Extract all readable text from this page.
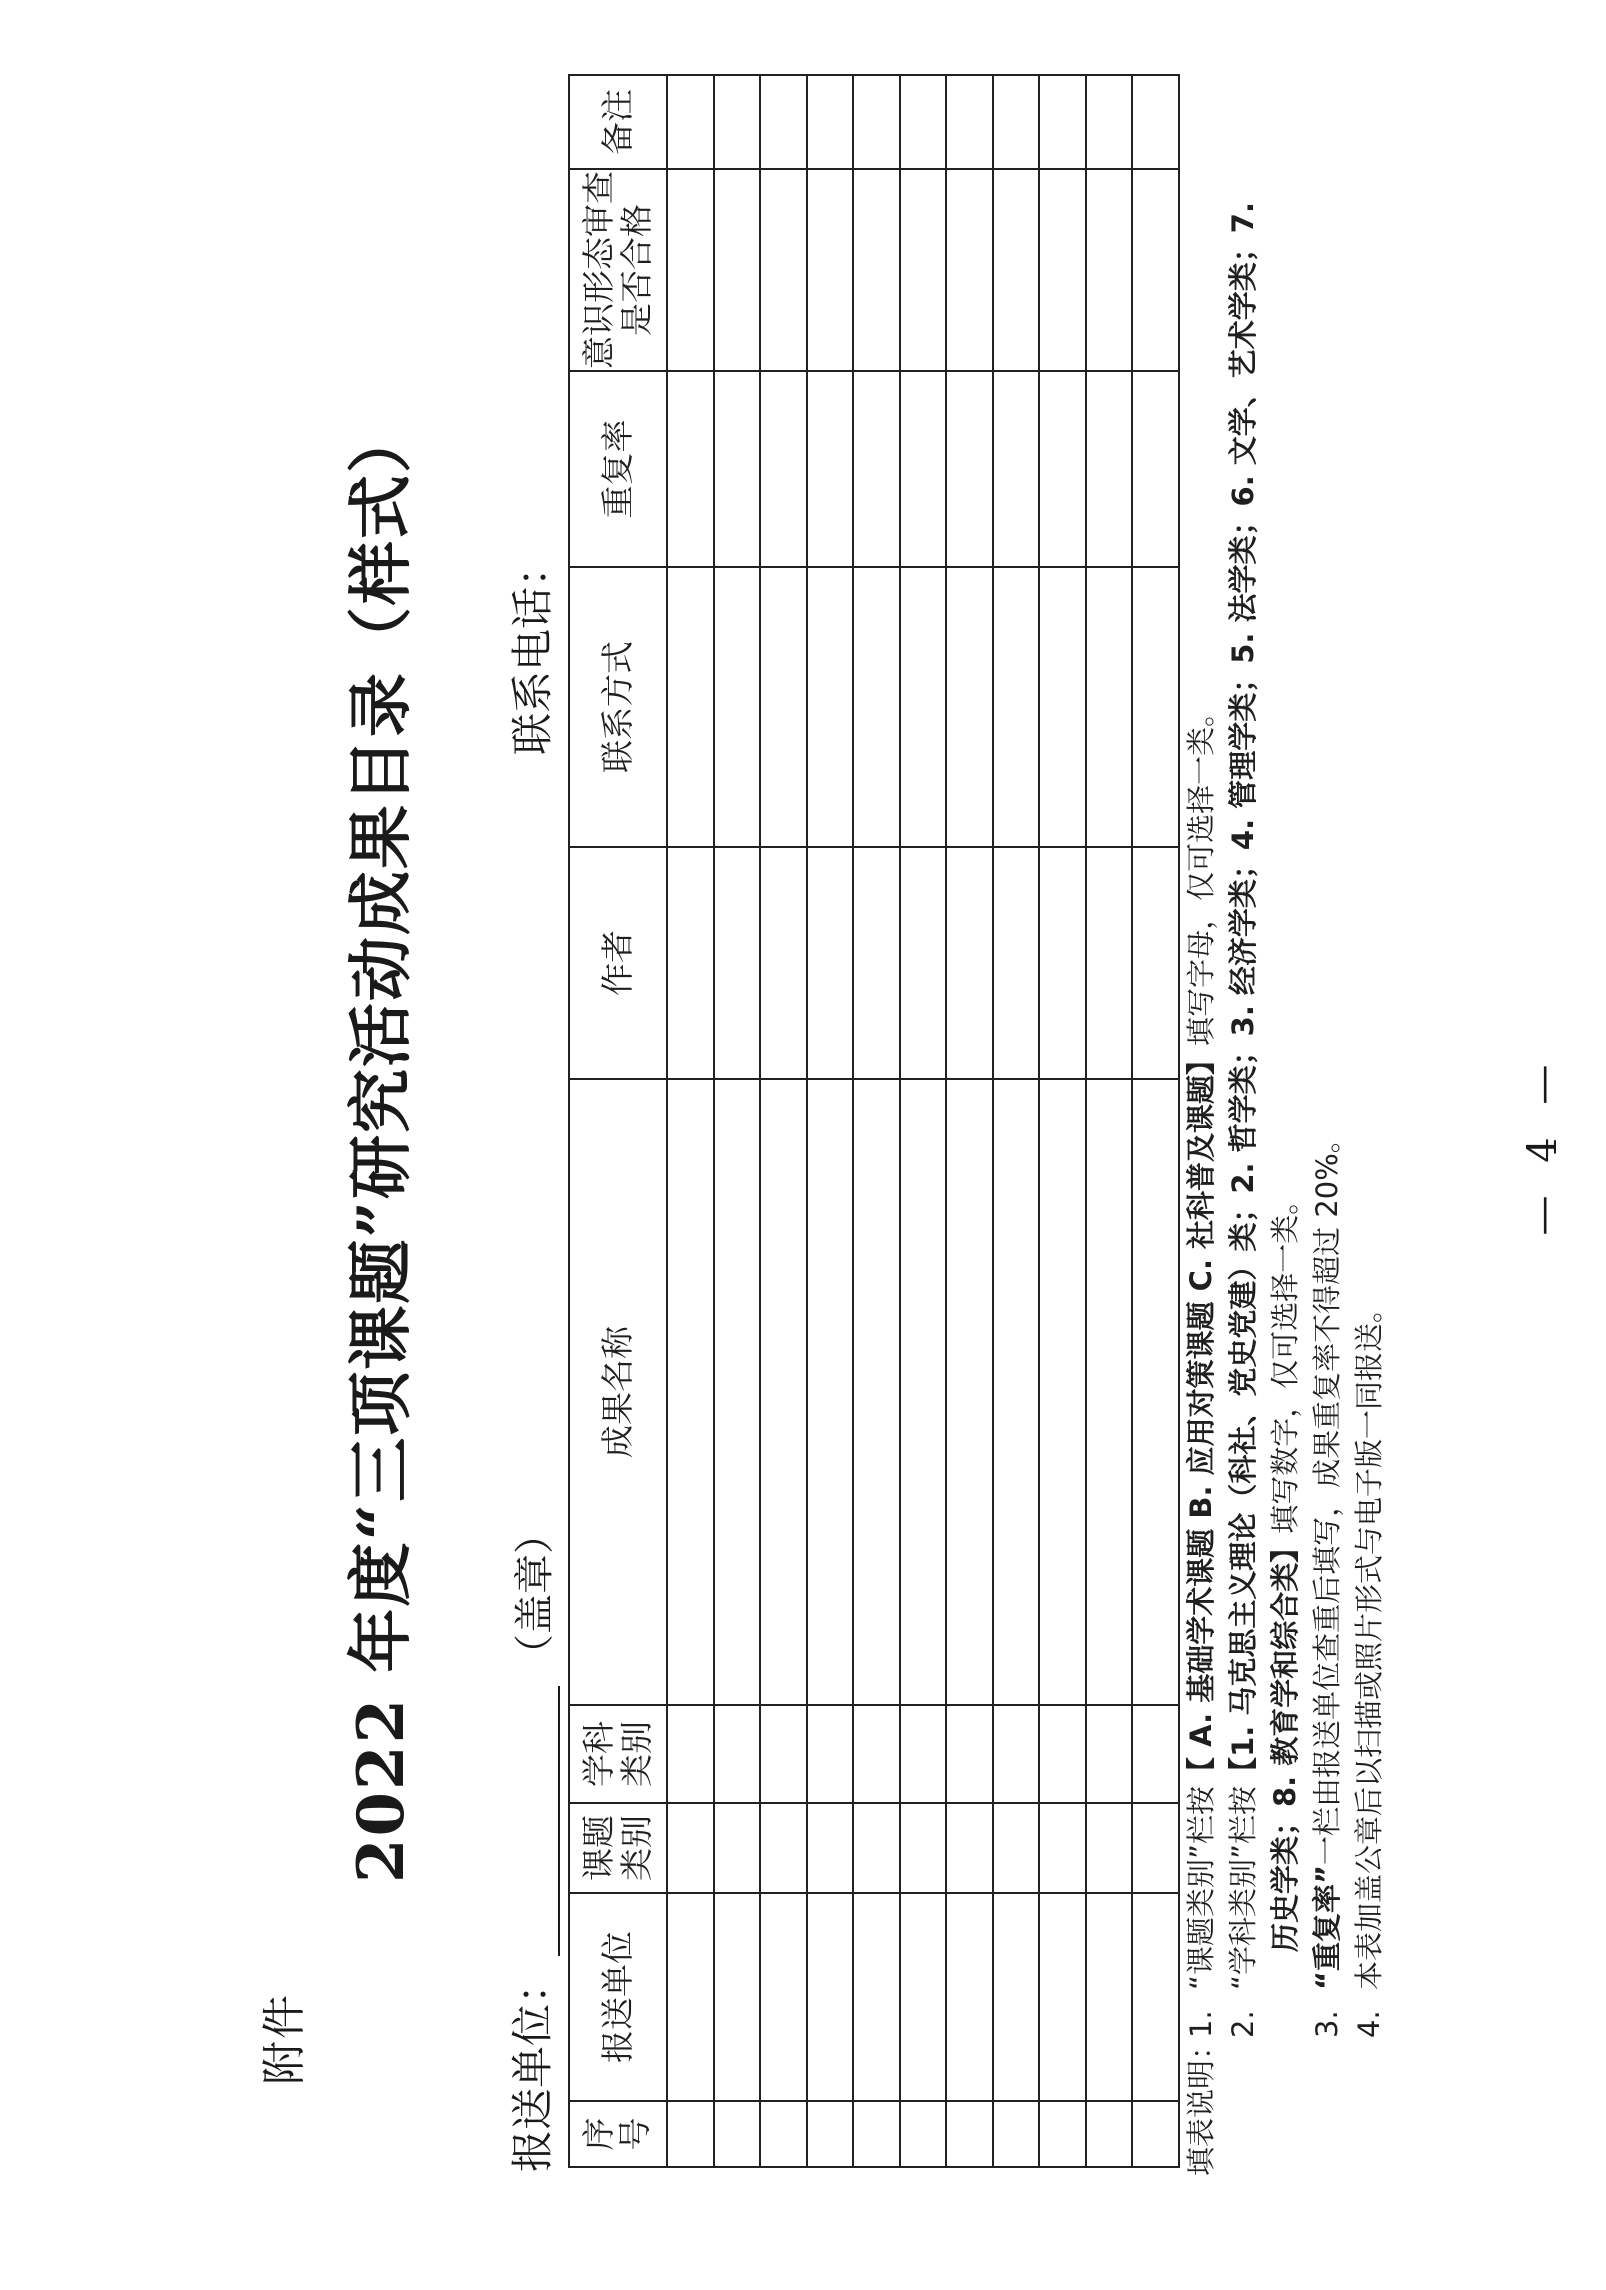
附件
2022 年度“三项课题”研究活动成果目录（样式）
报送单位：
（盖章）
联系电话：
序号	报送单位	课题类别	学科类别	成果名称	作者	联系方式	重复率	意识形态审查是否合格	备注

填表说明：
1.
“课题类别”栏按
【 A. 基础学术课题 B. 应用对策课题 C. 社科普及课题】
填写字母，仅可选择一类。
2.
“学科类别”栏按
【1. 马克思主义理论（科社、党史党建）类；2. 哲学类；3. 经济学类；4. 管理学类；5. 法学类；6. 文学、艺术学类；7. 历史学类；8. 教育学和综合类】
填写数字，仅可选择一类。
3.
“重复率”
一栏由报送单位查重后填写，成果重复率不得超过 20%。
4.
本表加盖公章后以扫描或照片形式与电子版一同报送。
— 4 —
